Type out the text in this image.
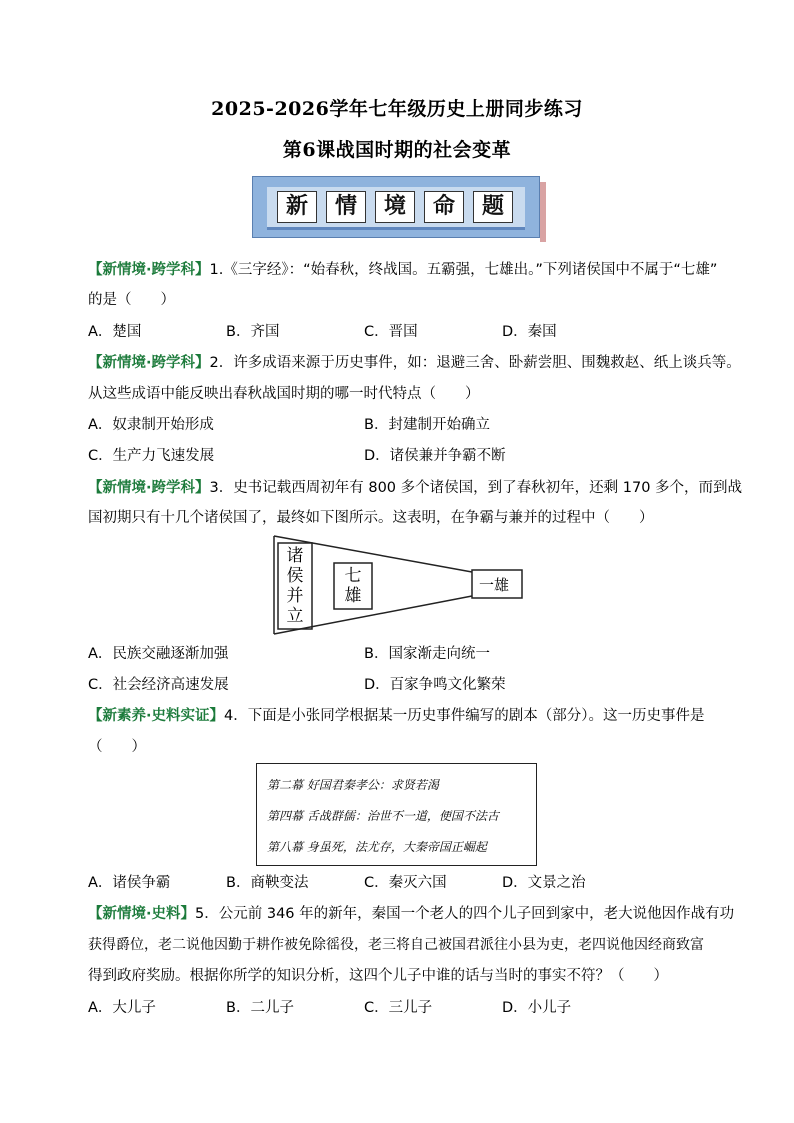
2025-2026学年七年级历史上册同步练习
第6课战国时期的社会变革
新	情	境	命	题
【新情境·跨学科】1.《三字经》：“始春秋，终战国。五霸强，七雄出。”下列诸侯国中不属于“七雄”
的是（　　）
A．楚国	B．齐国	C．晋国	D．秦国
【新情境·跨学科】2．许多成语来源于历史事件，如：退避三舍、卧薪尝胆、围魏救赵、纸上谈兵等。
从这些成语中能反映出春秋战国时期的哪一时代特点（　　）
A．奴隶制开始形成	B．封建制开始确立
C．生产力飞速发展	D．诸侯兼并争霸不断
【新情境·跨学科】3．史书记载西周初年有 800 多个诸侯国，到了春秋初年，还剩 170 多个，而到战
国初期只有十几个诸侯国了，最终如下图所示。这表明，在争霸与兼并的过程中（　　）
诸
侯
并
立
七
雄
一雄
A．民族交融逐渐加强	B．国家渐走向统一
C．社会经济高速发展	D．百家争鸣文化繁荣
【新素养·史料实证】4．下面是小张同学根据某一历史事件编写的剧本（部分）。这一历史事件是
（　　）
第二幕 好国君秦孝公：求贤若渴
第四幕 舌战群儒：治世不一道，便国不法古
第八幕 身虽死，法尤存，大秦帝国正崛起
A．诸侯争霸	B．商鞅变法	C．秦灭六国	D．文景之治
【新情境·史料】5．公元前 346 年的新年，秦国一个老人的四个儿子回到家中，老大说他因作战有功
获得爵位，老二说他因勤于耕作被免除徭役，老三将自己被国君派往小县为吏，老四说他因经商致富
得到政府奖励。根据你所学的知识分析，这四个儿子中谁的话与当时的事实不符？（　　）
A．大儿子	B．二儿子	C．三儿子	D．小儿子
